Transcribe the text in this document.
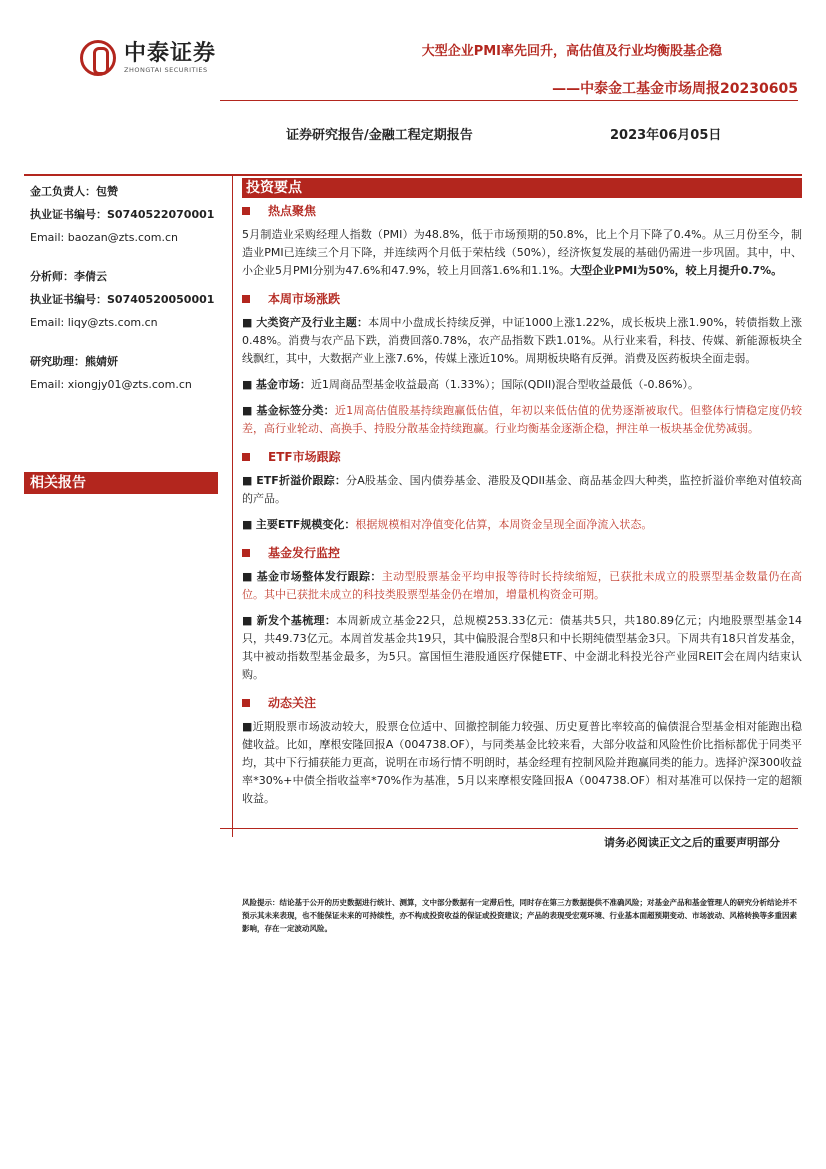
中泰证券
ZHONGTAI SECURITIES
大型企业PMI率先回升，高估值及行业均衡股基企稳
——中泰金工基金市场周报20230605
证券研究报告/金融工程定期报告	2023年06月05日
金工负责人：包赞
执业证书编号：S0740522070001
Email: baozan@zts.com.cn
分析师：李倩云
执业证书编号：S0740520050001
Email: liqy@zts.com.cn
研究助理：熊婧妍
Email: xiongjy01@zts.com.cn
相关报告
投资要点
热点聚焦

5月制造业采购经理人指数（PMI）为48.8%，低于市场预期的50.8%，比上个月下降了0.4%。从三月份至今，制造业PMI已连续三个月下降，并连续两个月低于荣枯线（50%），经济恢复发展的基础仍需进一步巩固。其中，中、小企业5月PMI分别为47.6%和47.9%，较上月回落1.6%和1.1%。大型企业PMI为50%，较上月提升0.7%。

本周市场涨跌

■ 大类资产及行业主题：本周中小盘成长持续反弹，中证1000上涨1.22%，成长板块上涨1.90%，转债指数上涨0.48%。消费与农产品下跌，消费回落0.78%，农产品指数下跌1.01%。从行业来看，科技、传媒、新能源板块全线飘红，其中，大数据产业上涨7.6%，传媒上涨近10%。周期板块略有反弹。消费及医药板块全面走弱。

■ 基金市场：近1周商品型基金收益最高（1.33%）；国际(QDII)混合型收益最低（-0.86%）。

■ 基金标签分类：近1周高估值股基持续跑赢低估值，年初以来低估值的优势逐渐被取代。但整体行情稳定度仍较差，高行业轮动、高换手、持股分散基金持续跑赢。行业均衡基金逐渐企稳，押注单一板块基金优势减弱。

ETF市场跟踪

■ ETF折溢价跟踪：分A股基金、国内债券基金、港股及QDII基金、商品基金四大种类，监控折溢价率绝对值较高的产品。

■ 主要ETF规模变化：根据规模相对净值变化估算，本周资金呈现全面净流入状态。

基金发行监控

■ 基金市场整体发行跟踪：主动型股票基金平均申报等待时长持续缩短，已获批未成立的股票型基金数量仍在高位。其中已获批未成立的科技类股票型基金仍在增加，增量机构资金可期。

■ 新发个基梳理：本周新成立基金22只，总规模253.33亿元：债基共5只，共180.89亿元；内地股票型基金14只，共49.73亿元。本周首发基金共19只，其中偏股混合型8只和中长期纯债型基金3只。下周共有18只首发基金，其中被动指数型基金最多，为5只。富国恒生港股通医疗保健ETF、中金湖北科投光谷产业园REIT会在周内结束认购。

动态关注

■近期股票市场波动较大，股票仓位适中、回撤控制能力较强、历史夏普比率较高的偏债混合型基金相对能跑出稳健收益。比如，摩根安隆回报A（004738.OF），与同类基金比较来看，大部分收益和风险性价比指标都优于同类平均，其中下行捕获能力更高，说明在市场行情不明朗时，基金经理有控制风险并跑赢同类的能力。选择沪深300收益率*30%+中债全指收益率*70%作为基准，5月以来摩根安隆回报A（004738.OF）相对基准可以保持一定的超额收益。

风险提示：结论基于公开的历史数据进行统计、测算，文中部分数据有一定滞后性，同时存在第三方数据提供不准确风险；对基金产品和基金管理人的研究分析结论并不预示其未来表现，也不能保证未来的可持续性，亦不构成投资收益的保证或投资建议；产品的表现受宏观环境、行业基本面超预期变动、市场波动、风格转换等多重因素影响，存在一定波动风险。
请务必阅读正文之后的重要声明部分
